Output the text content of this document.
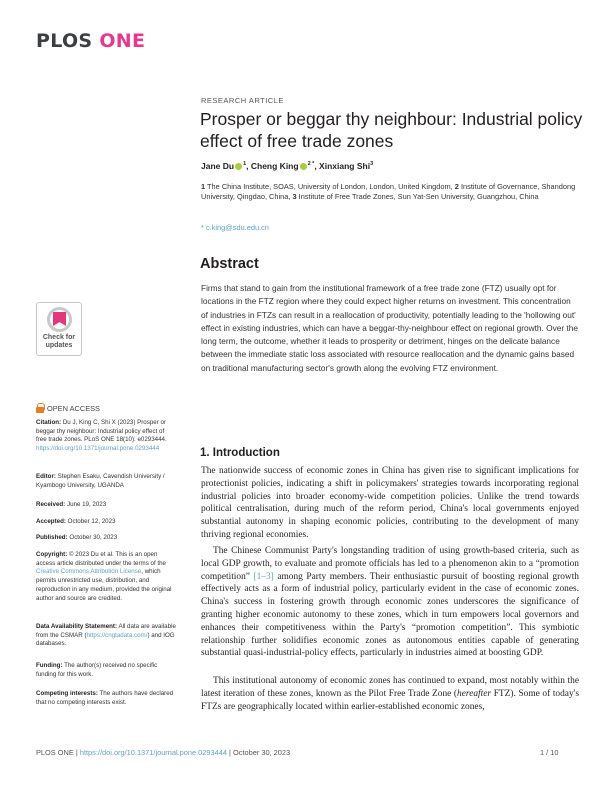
PLOS ONE
RESEARCH ARTICLE
Prosper or beggar thy neighbour: Industrial policy effect of free trade zones
Jane Du $^1$, Cheng King $^{2 *}$, Xinxiang Shi$^3$
1 The China Institute, SOAS, University of London, London, United Kingdom, 2 Institute of Governance, Shandong University, Qingdao, China, 3 Institute of Free Trade Zones, Sun Yat-Sen University, Guangzhou, China
* c.king@sdu.edu.cn
Check for
updates
OPEN ACCESS
Citation: Du J, King C, Shi X (2023) Prosper or beggar thy neighbour: Industrial policy effect of free trade zones. PLoS ONE 18(10): e0293444. https://doi.org/10.1371/journal.pone.0293444
Editor: Stephen Esaku, Cavendish University / Kyambogo University, UGANDA
Received: June 19, 2023
Accepted: October 12, 2023
Published: October 30, 2023
Copyright: © 2023 Du et al. This is an open access article distributed under the terms of the Creative Commons Attribution License, which permits unrestricted use, distribution, and reproduction in any medium, provided the original author and source are credited.
Data Availability Statement: All data are available from the CSMAR (https://cngtadata.com/) and IOG databases.
Funding: The author(s) received no specific funding for this work.
Competing interests: The authors have declared that no competing interests exist.
Abstract

Firms that stand to gain from the institutional framework of a free trade zone (FTZ) usually opt for locations in the FTZ region where they could expect higher returns on investment. This concentration of industries in FTZs can result in a reallocation of productivity, potentially leading to the 'hollowing out' effect in existing industries, which can have a beggar-thy-neighbour effect on regional growth. Over the long term, the outcome, whether it leads to prosperity or detriment, hinges on the delicate balance between the immediate static loss associated with resource reallocation and the dynamic gains based on traditional manufacturing sector's growth along the evolving FTZ environment.

1. Introduction

The nationwide success of economic zones in China has given rise to significant implications for protectionist policies, indicating a shift in policymakers' strategies towards incorporating regional industrial policies into broader economy-wide competition policies. Unlike the trend towards political centralisation, during much of the reform period, China's local governments enjoyed substantial autonomy in shaping economic policies, contributing to the development of many thriving regional economies.

The Chinese Communist Party's longstanding tradition of using growth-based criteria, such as local GDP growth, to evaluate and promote officials has led to a phenomenon akin to a “promotion competition” [1–3] among Party members. Their enthusiastic pursuit of boosting regional growth effectively acts as a form of industrial policy, particularly evident in the case of economic zones. China's success in fostering growth through economic zones underscores the significance of granting higher economic autonomy to these zones, which in turn empowers local governors and enhances their competitiveness within the Party's “promotion competition”. This symbiotic relationship further solidifies economic zones as autonomous entities capable of generating substantial quasi-industrial-policy effects, particularly in industries aimed at boosting GDP.

This institutional autonomy of economic zones has continued to expand, most notably within the latest iteration of these zones, known as the Pilot Free Trade Zone (hereafter FTZ). Some of today's FTZs are geographically located within earlier-established economic zones,

PLOS ONE | https://doi.org/10.1371/journal.pone.0293444 | October 30, 2023	1 / 10
